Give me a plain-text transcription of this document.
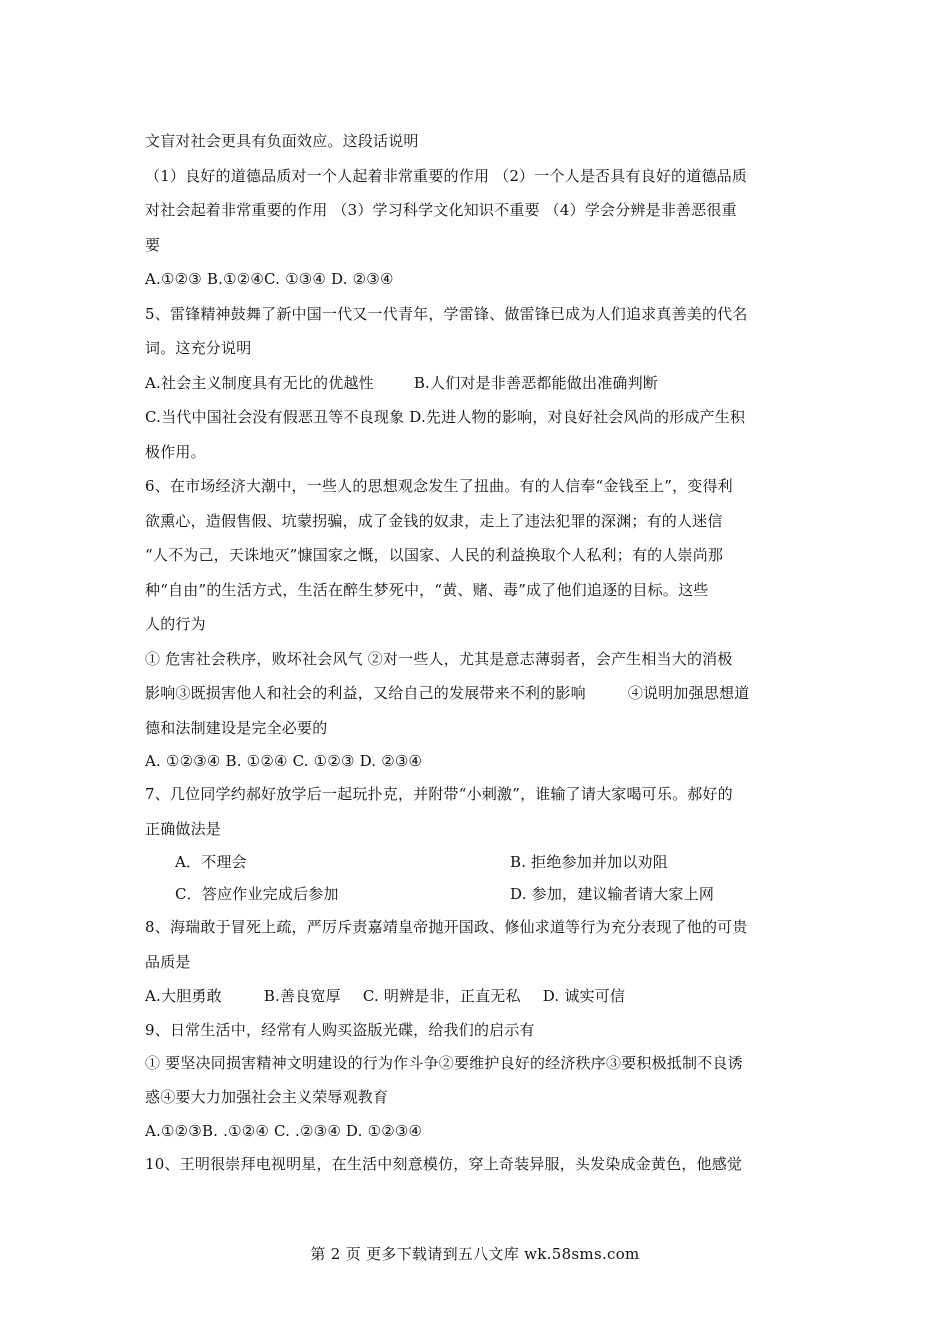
文盲对社会更具有负面效应。这段话说明
（1）良好的道德品质对一个人起着非常重要的作用 （2）一个人是否具有良好的道德品质
对社会起着非常重要的作用 （3）学习科学文化知识不重要 （4）学会分辨是非善恶很重
要
A.①②③ B.①②④C. ①③④ D. ②③④
5、雷锋精神鼓舞了新中国一代又一代青年，学雷锋、做雷锋已成为人们追求真善美的代名
词。这充分说明
A.社会主义制度具有无比的优越性	B.人们对是非善恶都能做出准确判断
C.当代中国社会没有假恶丑等不良现象 D.先进人物的影响，对良好社会风尚的形成产生积
极作用。
6、在市场经济大潮中，一些人的思想观念发生了扭曲。有的人信奉“金钱至上”，变得利
欲熏心，造假售假、坑蒙拐骗，成了金钱的奴隶，走上了违法犯罪的深渊；有的人迷信
“人不为己，天诛地灭”慷国家之慨，以国家、人民的利益换取个人私利；有的人崇尚那
种“自由”的生活方式，生活在醉生梦死中，“黄、赌、毒”成了他们追逐的目标。这些
人的行为
① 危害社会秩序，败坏社会风气 ②对一些人，尤其是意志薄弱者，会产生相当大的消极
影响③既损害他人和社会的利益，又给自己的发展带来不利的影响	④说明加强思想道
德和法制建设是完全必要的
A. ①②③④ B. ①②④ C. ①②③ D. ②③④
7、几位同学约郝好放学后一起玩扑克，并附带“小刺激”，谁输了请大家喝可乐。郝好的
正确做法是
A．不理会	B. 拒绝参加并加以劝阻
C．答应作业完成后参加	D. 参加，建议输者请大家上网
8、海瑞敢于冒死上疏，严厉斥责嘉靖皇帝抛开国政、修仙求道等行为充分表现了他的可贵
品质是
A.大胆勇敢	B.善良宽厚 C. 明辨是非，正直无私 D. 诚实可信
9、日常生活中，经常有人购买盗版光碟，给我们的启示有
① 要坚决同损害精神文明建设的行为作斗争②要维护良好的经济秩序③要积极抵制不良诱
惑④要大力加强社会主义荣辱观教育
A.①②③B. .①②④ C. .②③④ D. ①②③④
10、王明很崇拜电视明星，在生活中刻意模仿，穿上奇装异服，头发染成金黄色，他感觉
第 2 页 更多下载请到五八文库 wk.58sms.com
